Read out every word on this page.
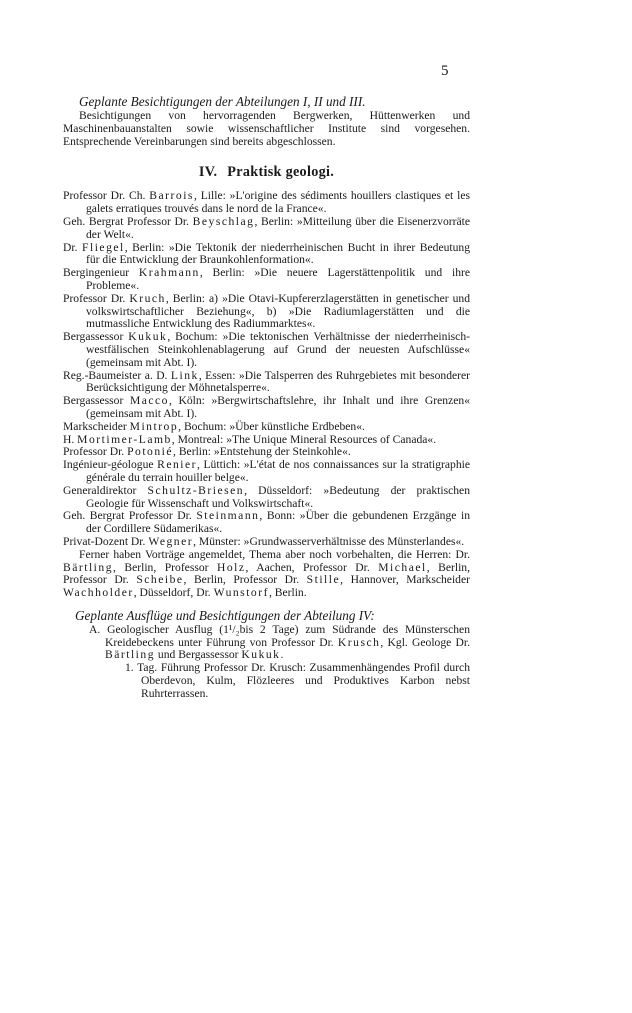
5

Geplante Besichtigungen der Abteilungen I, II und III.

Besichtigungen von hervorragenden Bergwerken, Hüttenwerken und Maschinenbauanstalten sowie wissenschaftlicher Institute sind vorgesehen. Entsprechende Vereinbarungen sind bereits abgeschlossen.

IV. Praktisk geologi.

Professor Dr. Ch. Barrois, Lille: »L'origine des sédiments houillers clastiques et les galets erratiques trouvés dans le nord de la France«.

Geh. Bergrat Professor Dr. Beyschlag, Berlin: »Mitteilung über die Eisenerzvorräte der Welt«.

Dr. Fliegel, Berlin: »Die Tektonik der niederrheinischen Bucht in ihrer Bedeutung für die Entwicklung der Braunkohlenformation«.

Bergingenieur Krahmann, Berlin: »Die neuere Lagerstättenpolitik und ihre Probleme«.

Professor Dr. Kruch, Berlin: a) »Die Otavi-Kupfererzlagerstätten in genetischer und volkswirtschaftlicher Beziehung«, b) »Die Radiumlagerstätten und die mutmassliche Entwicklung des Radiummarktes«.

Bergassessor Kukuk, Bochum: »Die tektonischen Verhältnisse der niederrheinisch-westfälischen Steinkohlenablagerung auf Grund der neuesten Aufschlüsse« (gemeinsam mit Abt. I).

Reg.-Baumeister a. D. Link, Essen: »Die Talsperren des Ruhrgebietes mit besonderer Berücksichtigung der Möhnetalsperre«.

Bergassessor Macco, Köln: »Bergwirtschaftslehre, ihr Inhalt und ihre Grenzen« (gemeinsam mit Abt. I).

Markscheider Mintrop, Bochum: »Über künstliche Erdbeben«.

H. Mortimer-Lamb, Montreal: »The Unique Mineral Resources of Canada«.

Professor Dr. Potonié, Berlin: »Entstehung der Steinkohle«.

Ingénieur-géologue Renier, Lüttich: »L'état de nos connaissances sur la stratigraphie générale du terrain houiller belge«.

Generaldirektor Schultz-Briesen, Düsseldorf: »Bedeutung der praktischen Geologie für Wissenschaft und Volkswirtschaft«.

Geh. Bergrat Professor Dr. Steinmann, Bonn: »Über die gebundenen Erzgänge in der Cordillere Südamerikas«.

Privat-Dozent Dr. Wegner, Münster: »Grundwasserverhältnisse des Münsterlandes«.

Ferner haben Vorträge angemeldet, Thema aber noch vorbehalten, die Herren: Dr. Bärtling, Berlin, Professor Holz, Aachen, Professor Dr. Michael, Berlin, Professor Dr. Scheibe, Berlin, Professor Dr. Stille, Hannover, Markscheider Wachholder, Düsseldorf, Dr. Wunstorf, Berlin.

Geplante Ausflüge und Besichtigungen der Abteilung IV:

A. Geologischer Ausflug (1¹/₂bis 2 Tage) zum Südrande des Münsterschen Kreidebeckens unter Führung von Professor Dr. Krusch, Kgl. Geologe Dr. Bärtling und Bergassessor Kukuk.

1. Tag. Führung Professor Dr. Krusch: Zusammenhängendes Profil durch Oberdevon, Kulm, Flözleeres und Produktives Karbon nebst Ruhrterrassen.
